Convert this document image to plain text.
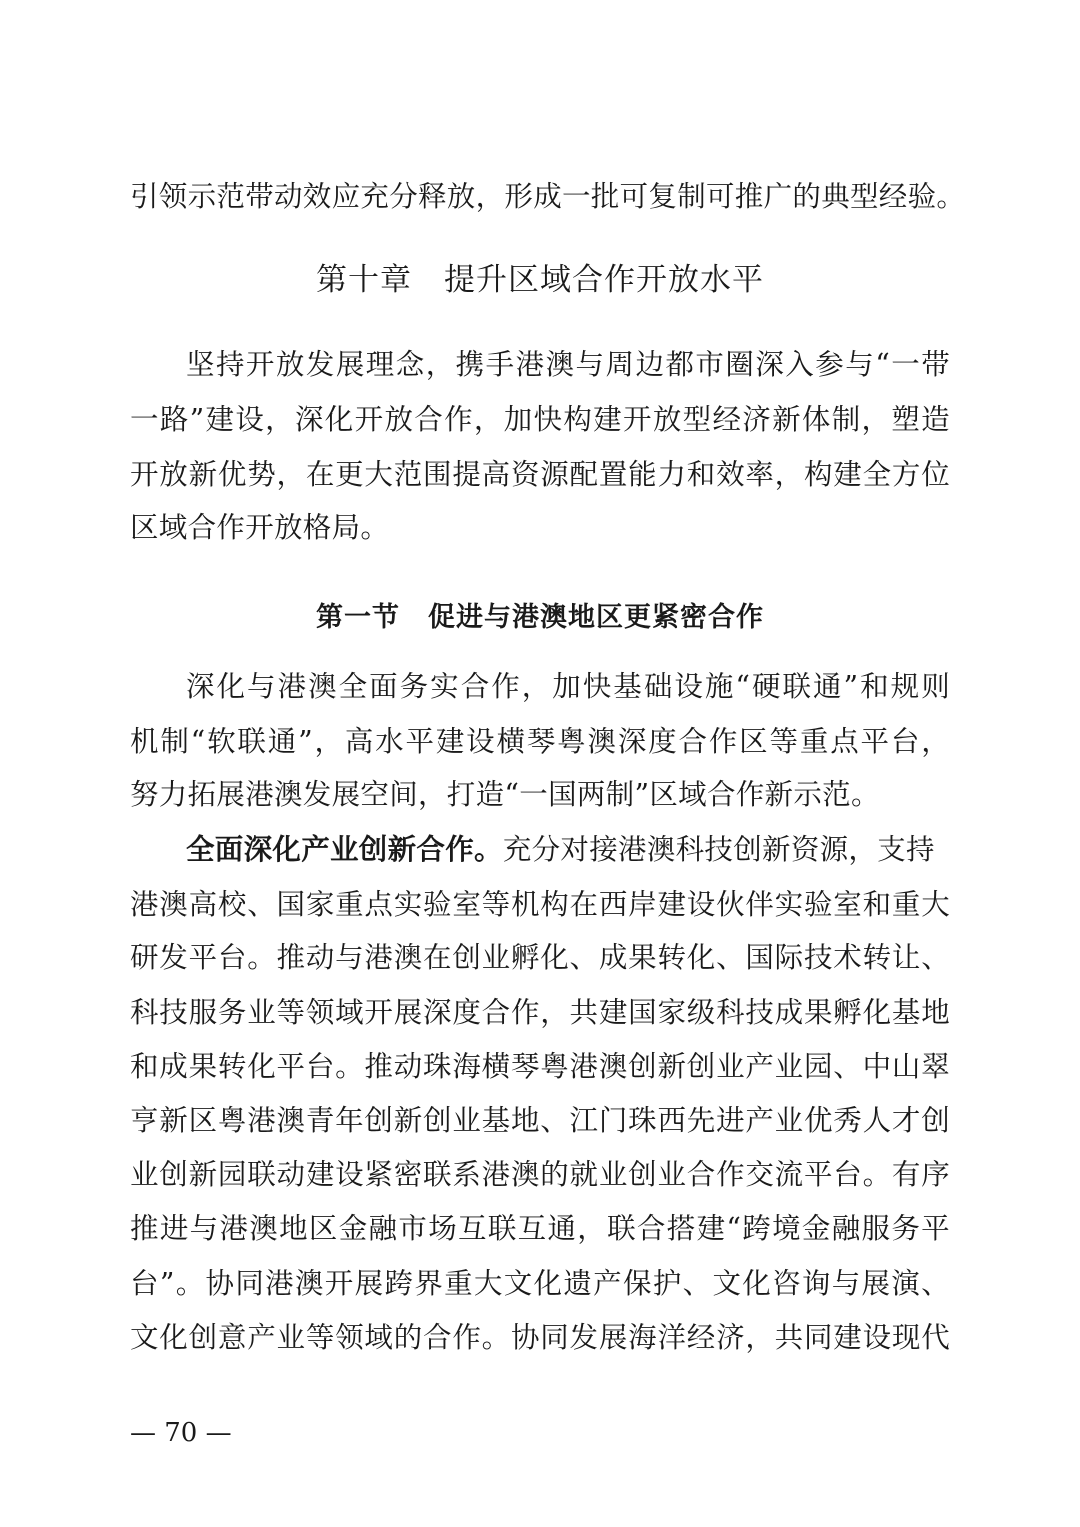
引领示范带动效应充分释放，形成一批可复制可推广的典型经验。
第十章　提升区域合作开放水平
坚持开放发展理念，携手港澳与周边都市圈深入参与“一带
一路”建设，深化开放合作，加快构建开放型经济新体制，塑造
开放新优势，在更大范围提高资源配置能力和效率，构建全方位
区域合作开放格局。
第一节　促进与港澳地区更紧密合作
深化与港澳全面务实合作，加快基础设施“硬联通”和规则
机制“软联通”，高水平建设横琴粤澳深度合作区等重点平台，
努力拓展港澳发展空间，打造“一国两制”区域合作新示范。
全面深化产业创新合作。充分对接港澳科技创新资源，支持
港澳高校、国家重点实验室等机构在西岸建设伙伴实验室和重大
研发平台。推动与港澳在创业孵化、成果转化、国际技术转让、
科技服务业等领域开展深度合作，共建国家级科技成果孵化基地
和成果转化平台。推动珠海横琴粤港澳创新创业产业园、中山翠
亨新区粤港澳青年创新创业基地、江门珠西先进产业优秀人才创
业创新园联动建设紧密联系港澳的就业创业合作交流平台。有序
推进与港澳地区金融市场互联互通，联合搭建“跨境金融服务平
台”。协同港澳开展跨界重大文化遗产保护、文化咨询与展演、
文化创意产业等领域的合作。协同发展海洋经济，共同建设现代
— 70 —
